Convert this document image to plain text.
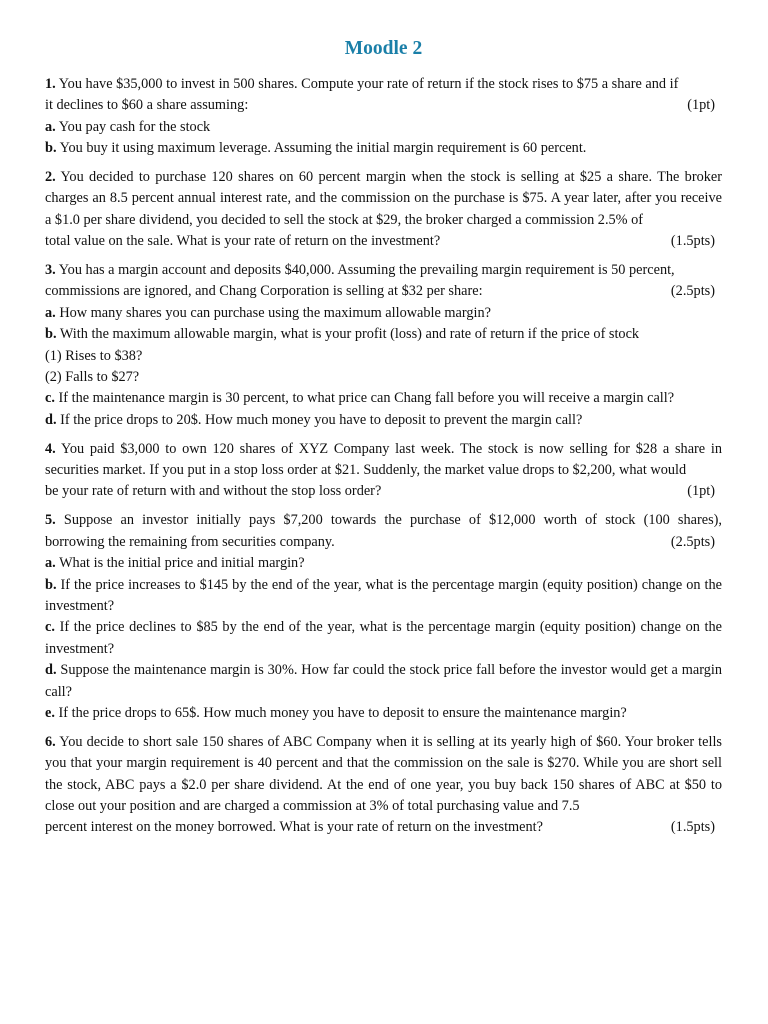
Moodle 2

1. You have $35,000 to invest in 500 shares. Compute your rate of return if the stock rises to $75 a share and if

it declines to $60 a share assuming:	(1pt)

a. You pay cash for the stock

b. You buy it using maximum leverage. Assuming the initial margin requirement is 60 percent.

2. You decided to purchase 120 shares on 60 percent margin when the stock is selling at $25 a share. The broker charges an 8.5 percent annual interest rate, and the commission on the purchase is $75. A year later, after you receive a $1.0 per share dividend, you decided to sell the stock at $29, the broker charged a commission 2.5% of

total value on the sale. What is your rate of return on the investment?	(1.5pts)

3. You has a margin account and deposits $40,000. Assuming the prevailing margin requirement is 50 percent,

commissions are ignored, and Chang Corporation is selling at $32 per share:	(2.5pts)

a. How many shares you can purchase using the maximum allowable margin?

b. With the maximum allowable margin, what is your profit (loss) and rate of return if the price of stock

(1) Rises to $38?

(2) Falls to $27?

c. If the maintenance margin is 30 percent, to what price can Chang fall before you will receive a margin call?

d. If the price drops to 20$. How much money you have to deposit to prevent the margin call?

4. You paid $3,000 to own 120 shares of XYZ Company last week. The stock is now selling for $28 a share in securities market. If you put in a stop loss order at $21. Suddenly, the market value drops to $2,200, what would

be your rate of return with and without the stop loss order?	(1pt)

5. Suppose an investor initially pays $7,200 towards the purchase of $12,000 worth of stock (100 shares),

borrowing the remaining from securities company.	(2.5pts)

a. What is the initial price and initial margin?

b. If the price increases to $145 by the end of the year, what is the percentage margin (equity position) change on the investment?

c. If the price declines to $85 by the end of the year, what is the percentage margin (equity position) change on the investment?

d. Suppose the maintenance margin is 30%. How far could the stock price fall before the investor would get a margin call?

e. If the price drops to 65$. How much money you have to deposit to ensure the maintenance margin?

6. You decide to short sale 150 shares of ABC Company when it is selling at its yearly high of $60. Your broker tells you that your margin requirement is 40 percent and that the commission on the sale is $270. While you are short sell the stock, ABC pays a $2.0 per share dividend. At the end of one year, you buy back 150 shares of ABC at $50 to close out your position and are charged a commission at 3% of total purchasing value and 7.5

percent interest on the money borrowed. What is your rate of return on the investment?	(1.5pts)
